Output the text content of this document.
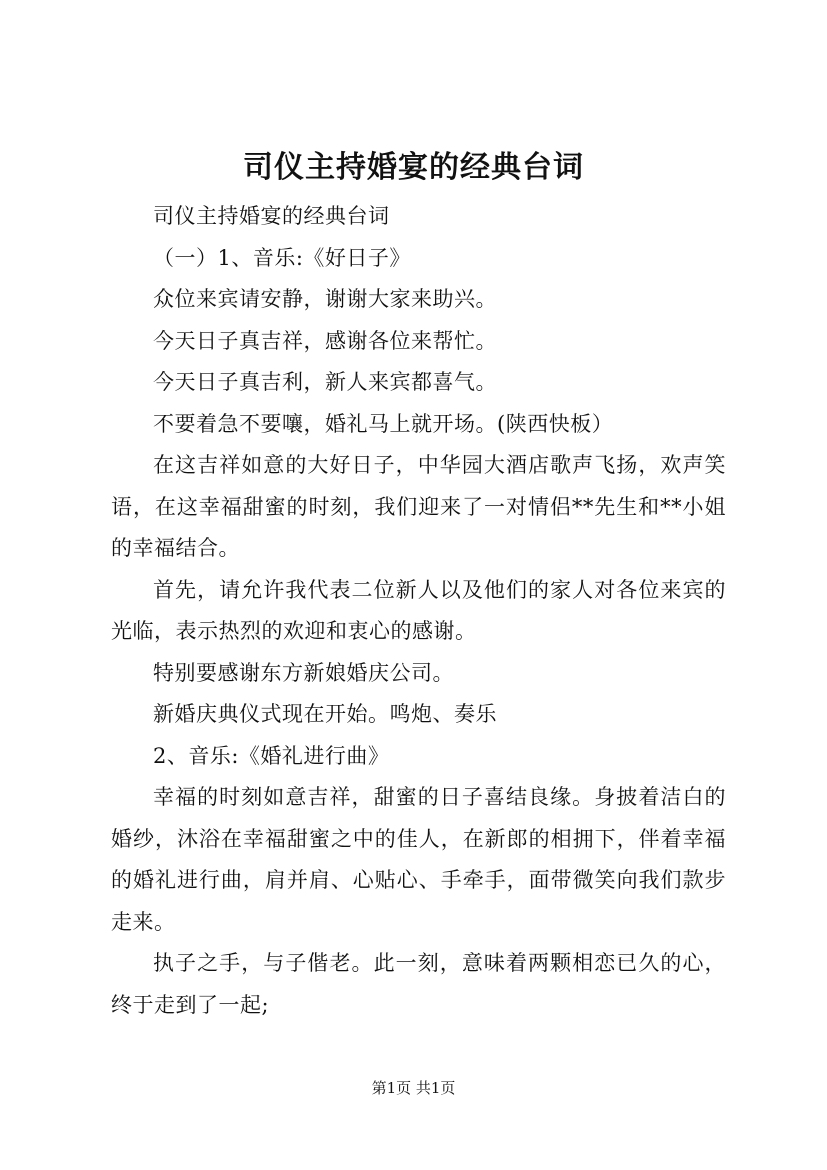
司仪主持婚宴的经典台词

司仪主持婚宴的经典台词

（一）1、音乐:《好日子》

众位来宾请安静，谢谢大家来助兴。

今天日子真吉祥，感谢各位来帮忙。

今天日子真吉利，新人来宾都喜气。

不要着急不要嚷，婚礼马上就开场。(陕西快板）

在这吉祥如意的大好日子，中华园大酒店歌声飞扬，欢声笑语，在这幸福甜蜜的时刻，我们迎来了一对情侣**先生和**小姐的幸福结合。

首先，请允许我代表二位新人以及他们的家人对各位来宾的光临，表示热烈的欢迎和衷心的感谢。

特别要感谢东方新娘婚庆公司。

新婚庆典仪式现在开始。鸣炮、奏乐

2、音乐:《婚礼进行曲》

幸福的时刻如意吉祥，甜蜜的日子喜结良缘。身披着洁白的婚纱，沐浴在幸福甜蜜之中的佳人，在新郎的相拥下，伴着幸福的婚礼进行曲，肩并肩、心贴心、手牵手，面带微笑向我们款步走来。

执子之手，与子偕老。此一刻，意味着两颗相恋已久的心，终于走到了一起;

第1页 共1页
